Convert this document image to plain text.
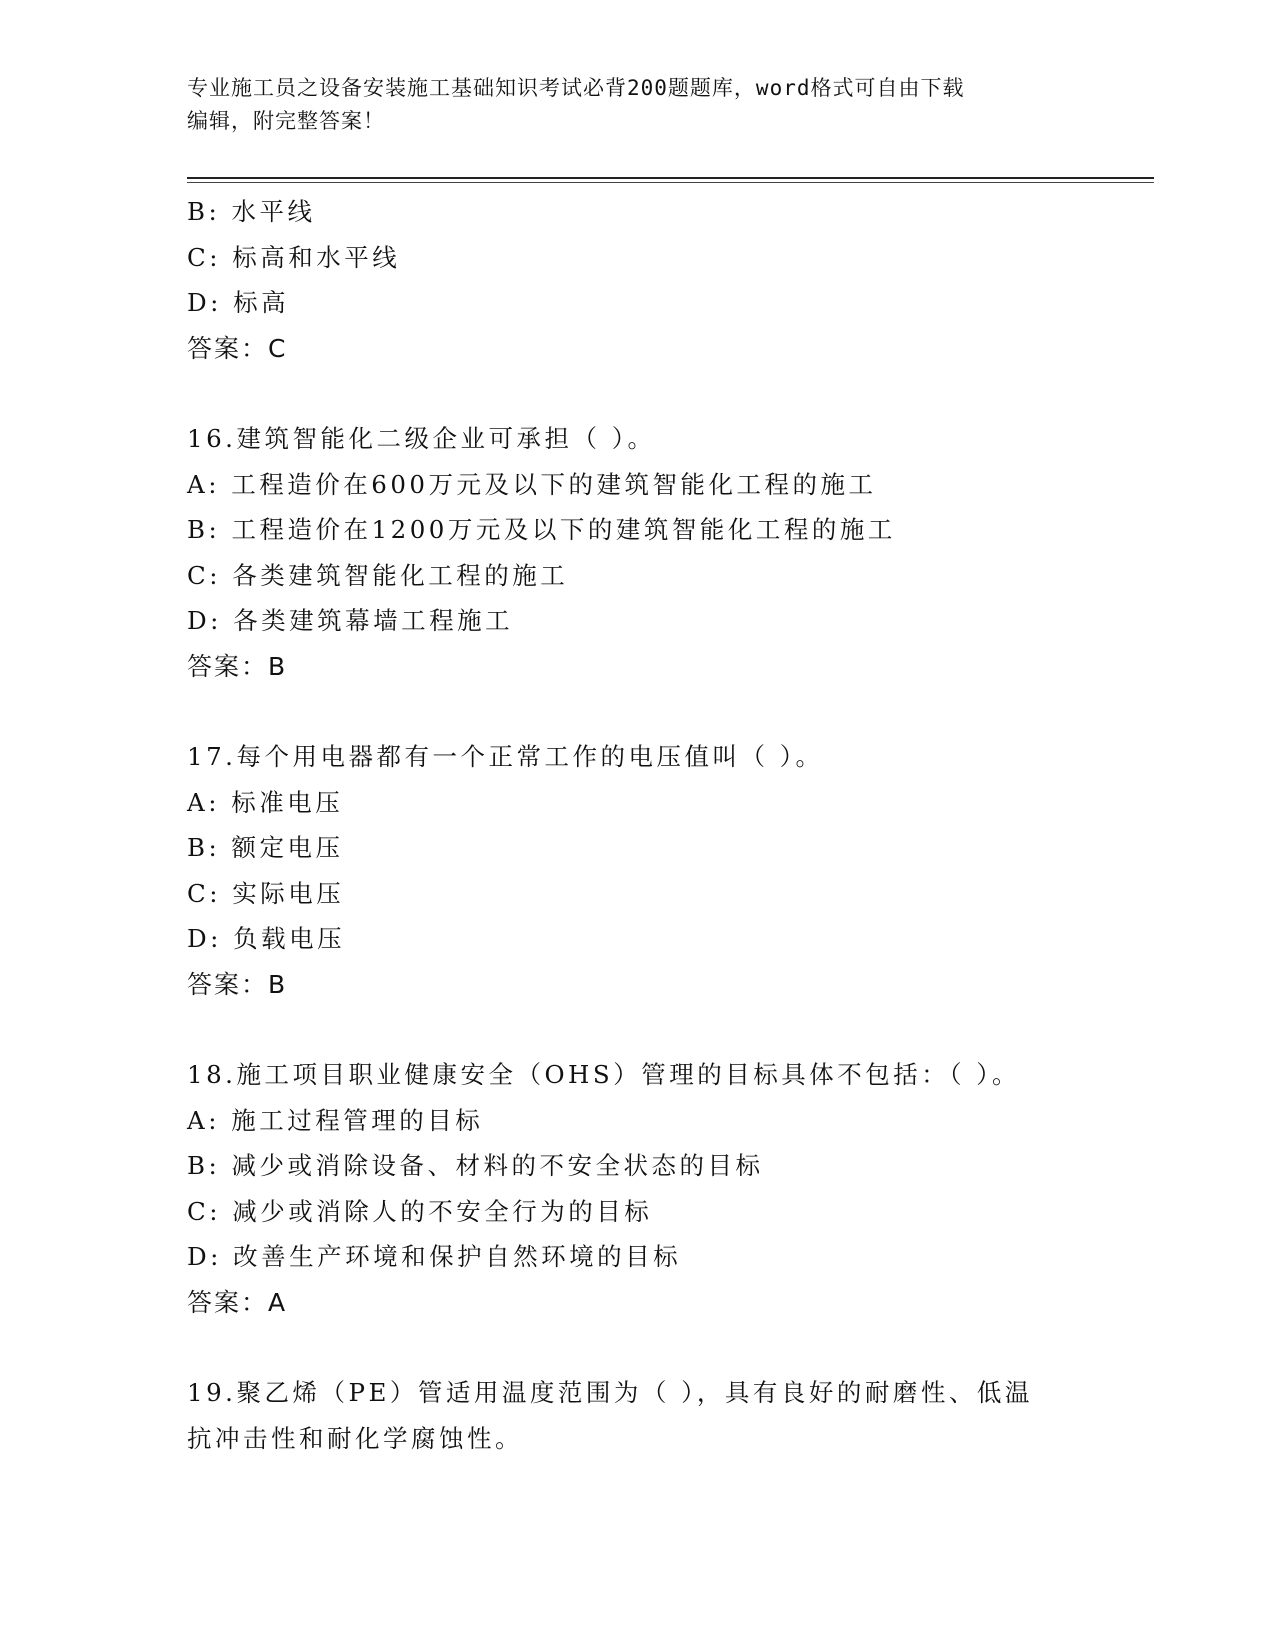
专业施工员之设备安装施工基础知识考试必背200题题库，word格式可自由下载
编辑，附完整答案！
B: 水平线
C: 标高和水平线
D: 标高
答案：C
16.建筑智能化二级企业可承担（ ）。
A: 工程造价在600万元及以下的建筑智能化工程的施工
B: 工程造价在1200万元及以下的建筑智能化工程的施工
C: 各类建筑智能化工程的施工
D: 各类建筑幕墙工程施工
答案：B
17.每个用电器都有一个正常工作的电压值叫（ ）。
A: 标准电压
B: 额定电压
C: 实际电压
D: 负载电压
答案：B
18.施工项目职业健康安全（OHS）管理的目标具体不包括：（ ）。
A: 施工过程管理的目标
B: 减少或消除设备、材料的不安全状态的目标
C: 减少或消除人的不安全行为的目标
D: 改善生产环境和保护自然环境的目标
答案：A
19.聚乙烯（PE）管适用温度范围为（ ），具有良好的耐磨性、低温
抗冲击性和耐化学腐蚀性。
